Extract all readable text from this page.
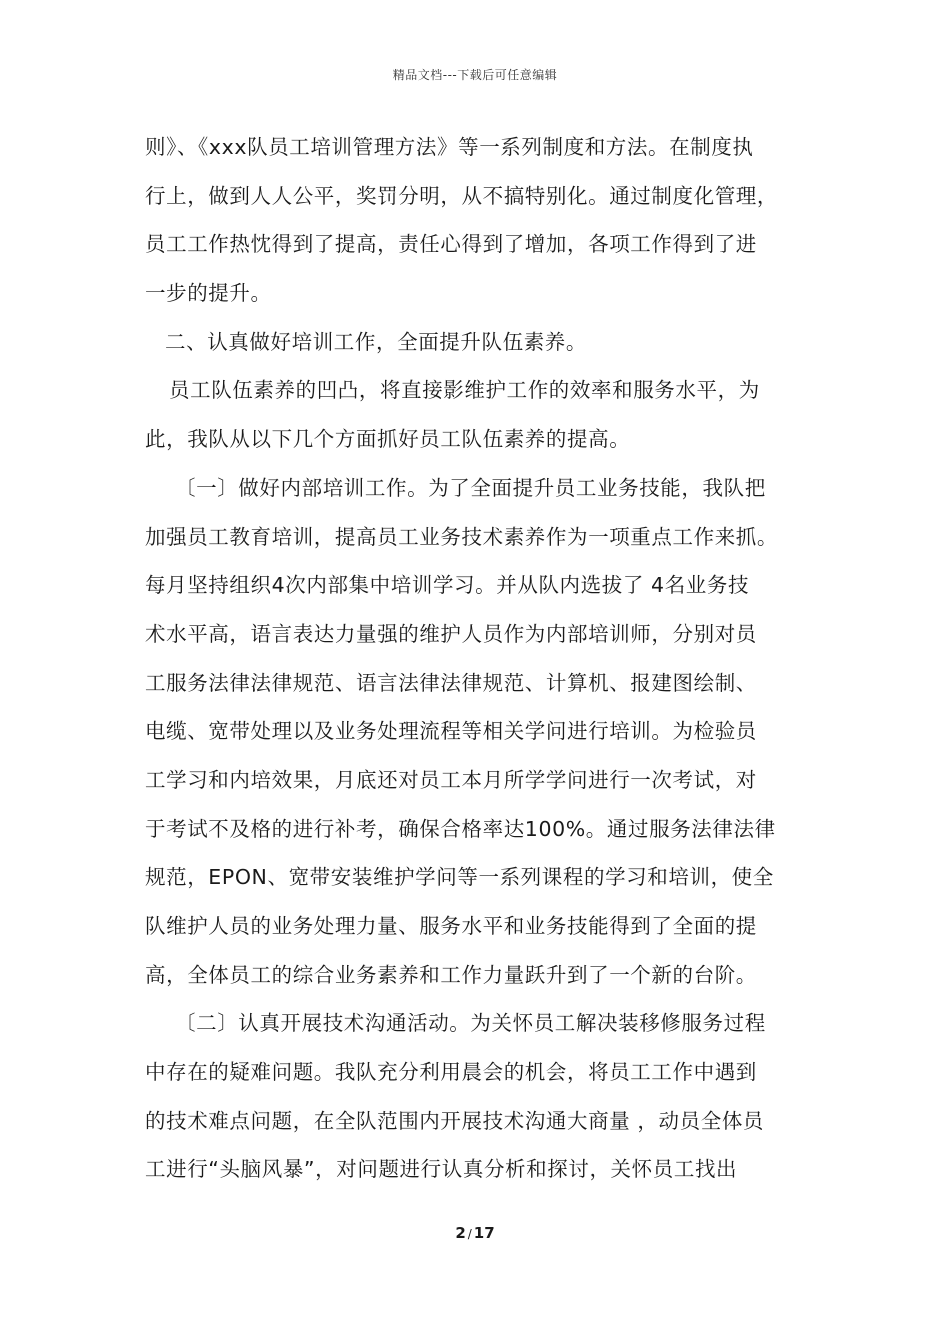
精品文档---下载后可任意编辑
则》、《xxx队员工培训管理方法》等一系列制度和方法。在制度执
行上，做到人人公平，奖罚分明，从不搞特别化。通过制度化管理，
员工工作热忱得到了提高，责任心得到了增加，各项工作得到了进
一步的提升。
二、认真做好培训工作，全面提升队伍素养。
员工队伍素养的凹凸，将直接影维护工作的效率和服务水平，为
此，我队从以下几个方面抓好员工队伍素养的提高。
〔一〕做好内部培训工作。为了全面提升员工业务技能，我队把
加强员工教育培训，提高员工业务技术素养作为一项重点工作来抓。
每月坚持组织4次内部集中培训学习。并从队内选拔了 4名业务技
术水平高，语言表达力量强的维护人员作为内部培训师，分别对员
工服务法律法律规范、语言法律法律规范、计算机、报建图绘制、
电缆、宽带处理以及业务处理流程等相关学问进行培训。为检验员
工学习和内培效果，月底还对员工本月所学学问进行一次考试，对
于考试不及格的进行补考，确保合格率达100%。通过服务法律法律
规范，EPON、宽带安装维护学问等一系列课程的学习和培训，使全
队维护人员的业务处理力量、服务水平和业务技能得到了全面的提
高，全体员工的综合业务素养和工作力量跃升到了一个新的台阶。
〔二〕认真开展技术沟通活动。为关怀员工解决装移修服务过程
中存在的疑难问题。我队充分利用晨会的机会，将员工工作中遇到
的技术难点问题，在全队范围内开展技术沟通大商量 ，动员全体员
工进行“头脑风暴”，对问题进行认真分析和探讨，关怀员工找出
2 / 17
